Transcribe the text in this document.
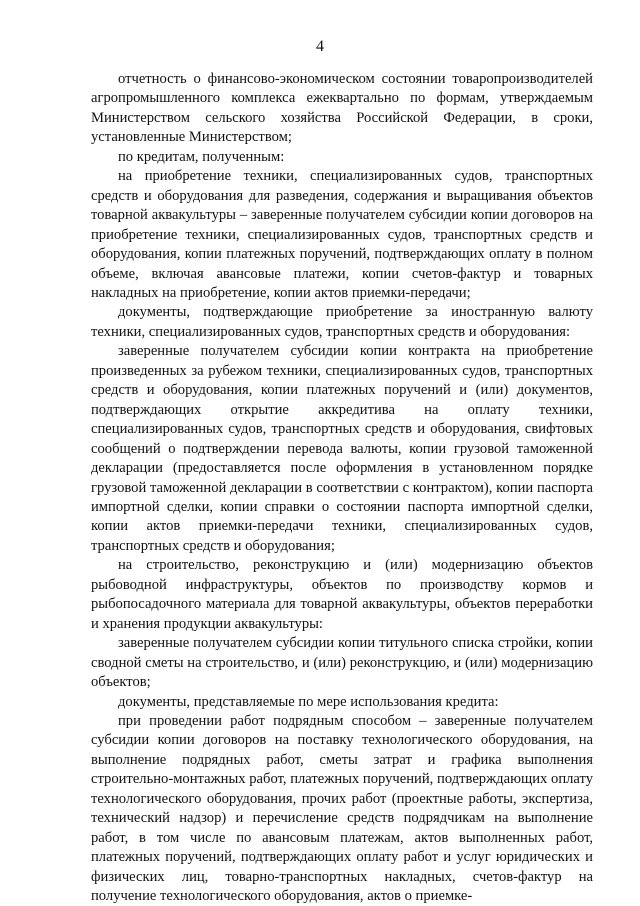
4

отчетность о финансово-экономическом состоянии товаропроизводителей агропромышленного комплекса ежеквартально по формам, утверждаемым Министерством сельского хозяйства Российской Федерации, в сроки, установленные Министерством;

по кредитам, полученным:

на приобретение техники, специализированных судов, транспортных средств и оборудования для разведения, содержания и выращивания объектов товарной аквакультуры – заверенные получателем субсидии копии договоров на приобретение техники, специализированных судов, транспортных средств и оборудования, копии платежных поручений, подтверждающих оплату в полном объеме, включая авансовые платежи, копии счетов-фактур и товарных накладных на приобретение, копии актов приемки-передачи;

документы, подтверждающие приобретение за иностранную валюту техники, специализированных судов, транспортных средств и оборудования:

заверенные получателем субсидии копии контракта на приобретение произведенных за рубежом техники, специализированных судов, транспортных средств и оборудования, копии платежных поручений и (или) документов, подтверждающих открытие аккредитива на оплату техники, специализированных судов, транспортных средств и оборудования, свифтовых сообщений о подтверждении перевода валюты, копии грузовой таможенной декларации (предоставляется после оформления в установленном порядке грузовой таможенной декларации в соответствии с контрактом), копии паспорта импортной сделки, копии справки о состоянии паспорта импортной сделки, копии актов приемки-передачи техники, специализированных судов, транспортных средств и оборудования;

на строительство, реконструкцию и (или) модернизацию объектов рыбоводной инфраструктуры, объектов по производству кормов и рыбопосадочного материала для товарной аквакультуры, объектов переработки и хранения продукции аквакультуры:

заверенные получателем субсидии копии титульного списка стройки, копии сводной сметы на строительство, и (или) реконструкцию, и (или) модернизацию объектов;

документы, представляемые по мере использования кредита:

при проведении работ подрядным способом – заверенные получателем субсидии копии договоров на поставку технологического оборудования, на выполнение подрядных работ, сметы затрат и графика выполнения строительно-монтажных работ, платежных поручений, подтверждающих оплату технологического оборудования, прочих работ (проектные работы, экспертиза, технический надзор) и перечисление средств подрядчикам на выполнение работ, в том числе по авансовым платежам, актов выполненных работ, платежных поручений, подтверждающих оплату работ и услуг юридических и физических лиц, товарно-транспортных накладных, счетов-фактур на получение технологического оборудования, актов о приемке-
